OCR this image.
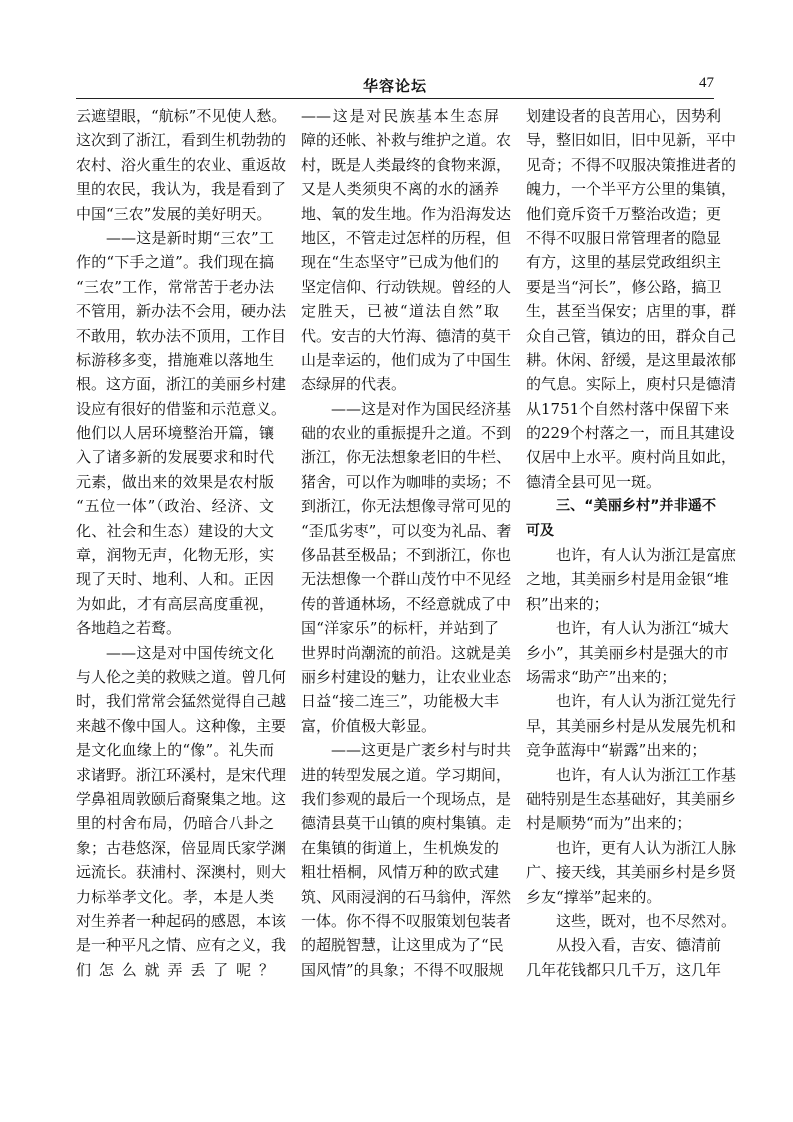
华容论坛	47
云遮望眼，“航标”不见使人愁。
这次到了浙江，看到生机勃勃的
农村、浴火重生的农业、重返故
里的农民，我认为，我是看到了
中国“三农”发展的美好明天。
——这是新时期“三农”工
作的“下手之道”。我们现在搞
“三农”工作，常常苦于老办法
不管用，新办法不会用，硬办法
不敢用，软办法不顶用，工作目
标游移多变，措施难以落地生
根。这方面，浙江的美丽乡村建
设应有很好的借鉴和示范意义。
他们以人居环境整治开篇，镶
入了诸多新的发展要求和时代
元素，做出来的效果是农村版
“五位一体”（政治、经济、文
化、社会和生态）建设的大文
章，润物无声，化物无形，实
现了天时、地利、人和。正因
为如此，才有高层高度重视，
各地趋之若鹜。
——这是对中国传统文化
与人伦之美的救赎之道。曾几何
时，我们常常会猛然觉得自己越
来越不像中国人。这种像，主要
是文化血缘上的“像”。礼失而
求诸野。浙江环溪村，是宋代理
学鼻祖周敦颐后裔聚集之地。这
里的村舍布局，仍暗合八卦之
象；古巷悠深，倍显周氏家学渊
远流长。获浦村、深澳村，则大
力标举孝文化。孝，本是人类
对生养者一种起码的感恩，本该
是一种平凡之情、应有之义，我
们怎么就弄丢了呢？
——这是对民族基本生态屏
障的还帐、补救与维护之道。农
村，既是人类最终的食物来源，
又是人类须臾不离的水的涵养
地、氧的发生地。作为沿海发达
地区，不管走过怎样的历程，但
现在“生态坚守”已成为他们的
坚定信仰、行动铁规。曾经的人
定胜天，已被“道法自然”取
代。安吉的大竹海、德清的莫干
山是幸运的，他们成为了中国生
态绿屏的代表。
——这是对作为国民经济基
础的农业的重振提升之道。不到
浙江，你无法想象老旧的牛栏、
猪舍，可以作为咖啡的卖场；不
到浙江，你无法想像寻常可见的
“歪瓜劣枣”，可以变为礼品、奢
侈品甚至极品；不到浙江，你也
无法想像一个群山茂竹中不见经
传的普通林场，不经意就成了中
国“洋家乐”的标杆，并站到了
世界时尚潮流的前沿。这就是美
丽乡村建设的魅力，让农业业态
日益“接二连三”，功能极大丰
富，价值极大彰显。
——这更是广袤乡村与时共
进的转型发展之道。学习期间，
我们参观的最后一个现场点，是
德清县莫干山镇的庾村集镇。走
在集镇的街道上，生机焕发的
粗壮梧桐，风情万种的欧式建
筑、风雨浸润的石马翁仲，浑然
一体。你不得不叹服策划包装者
的超脱智慧，让这里成为了“民
国风情”的具象；不得不叹服规
划建设者的良苦用心，因势利
导，整旧如旧，旧中见新，平中
见奇；不得不叹服决策推进者的
魄力，一个半平方公里的集镇，
他们竟斥资千万整治改造；更
不得不叹服日常管理者的隐显
有方，这里的基层党政组织主
要是当“河长”，修公路，搞卫
生，甚至当保安；店里的事，群
众自己管，镇边的田，群众自己
耕。休闲、舒缓，是这里最浓郁
的气息。实际上，庾村只是德清
从1751个自然村落中保留下来
的229个村落之一，而且其建设
仅居中上水平。庾村尚且如此，
德清全县可见一斑。
三、“美丽乡村”并非遥不
可及
也许，有人认为浙江是富庶
之地，其美丽乡村是用金银“堆
积”出来的；
也许，有人认为浙江“城大
乡小”，其美丽乡村是强大的市
场需求“助产”出来的；
也许，有人认为浙江觉先行
早，其美丽乡村是从发展先机和
竞争蓝海中“崭露”出来的；
也许，有人认为浙江工作基
础特别是生态基础好，其美丽乡
村是顺势“而为”出来的；
也许，更有人认为浙江人脉
广、接天线，其美丽乡村是乡贤
乡友“撑举”起来的。
这些，既对，也不尽然对。
从投入看，吉安、德清前
几年花钱都只几千万，这几年
